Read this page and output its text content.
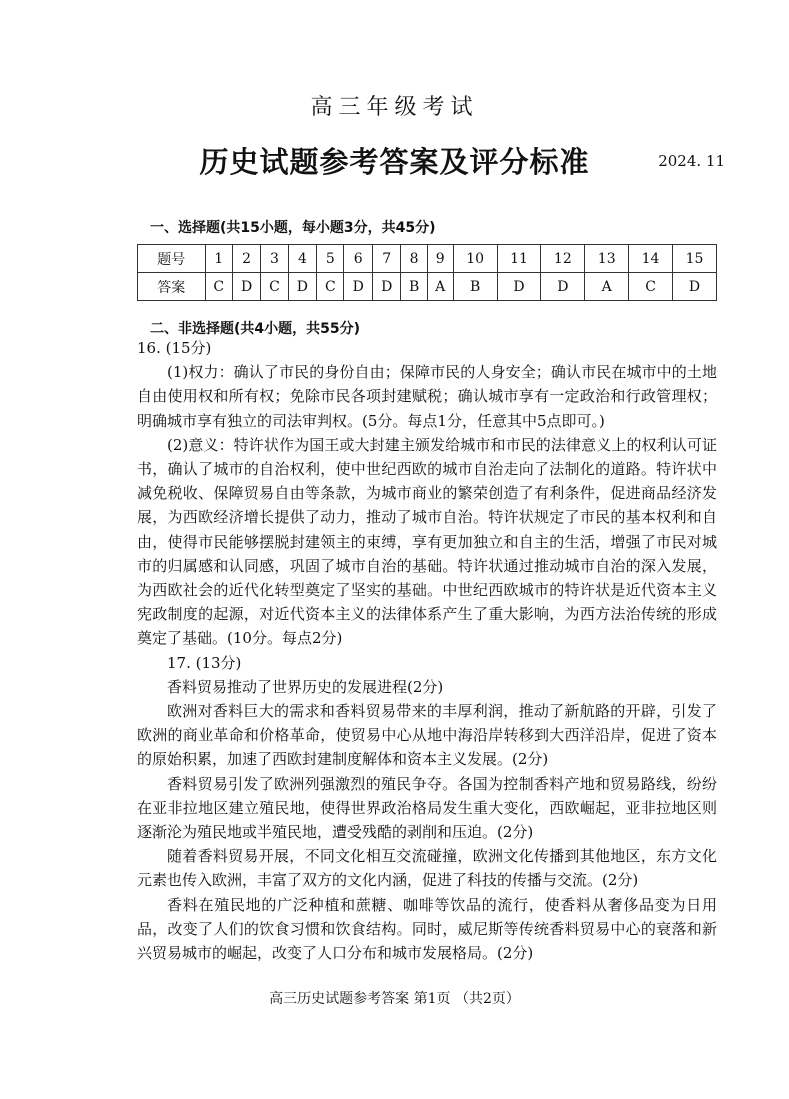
高三年级考试
历史试题参考答案及评分标准	2024. 11
一、选择题(共15小题，每小题3分，共45分)
题号	1	2	3	4	5	6	7	8	9	10	11	12	13	14	15
答案	C	D	C	D	C	D	D	B	A	B	D	D	A	C	D
二、非选择题(共4小题，共55分)

16. (15分)

(1)权力：确认了市民的身份自由；保障市民的人身安全；确认市民在城市中的土地自由使用权和所有权；免除市民各项封建赋税；确认城市享有一定政治和行政管理权；明确城市享有独立的司法审判权。(5分。每点1分，任意其中5点即可。)

(2)意义：特许状作为国王或大封建主颁发给城市和市民的法律意义上的权利认可证书，确认了城市的自治权利，使中世纪西欧的城市自治走向了法制化的道路。特许状中减免税收、保障贸易自由等条款，为城市商业的繁荣创造了有利条件，促进商品经济发展，为西欧经济增长提供了动力，推动了城市自治。特许状规定了市民的基本权利和自由，使得市民能够摆脱封建领主的束缚，享有更加独立和自主的生活，增强了市民对城市的归属感和认同感，巩固了城市自治的基础。特许状通过推动城市自治的深入发展，为西欧社会的近代化转型奠定了坚实的基础。中世纪西欧城市的特许状是近代资本主义宪政制度的起源，对近代资本主义的法律体系产生了重大影响，为西方法治传统的形成奠定了基础。(10分。每点2分)

17. (13分)

香料贸易推动了世界历史的发展进程(2分)

欧洲对香料巨大的需求和香料贸易带来的丰厚利润，推动了新航路的开辟，引发了欧洲的商业革命和价格革命，使贸易中心从地中海沿岸转移到大西洋沿岸，促进了资本的原始积累，加速了西欧封建制度解体和资本主义发展。(2分)

香料贸易引发了欧洲列强激烈的殖民争夺。各国为控制香料产地和贸易路线，纷纷在亚非拉地区建立殖民地，使得世界政治格局发生重大变化，西欧崛起，亚非拉地区则逐渐沦为殖民地或半殖民地，遭受残酷的剥削和压迫。(2分)

随着香料贸易开展，不同文化相互交流碰撞，欧洲文化传播到其他地区，东方文化元素也传入欧洲，丰富了双方的文化内涵，促进了科技的传播与交流。(2分)

香料在殖民地的广泛种植和蔗糖、咖啡等饮品的流行，使香料从奢侈品变为日用品，改变了人们的饮食习惯和饮食结构。同时，威尼斯等传统香料贸易中心的衰落和新兴贸易城市的崛起，改变了人口分布和城市发展格局。(2分)

高三历史试题参考答案 第1页 （共2页）
